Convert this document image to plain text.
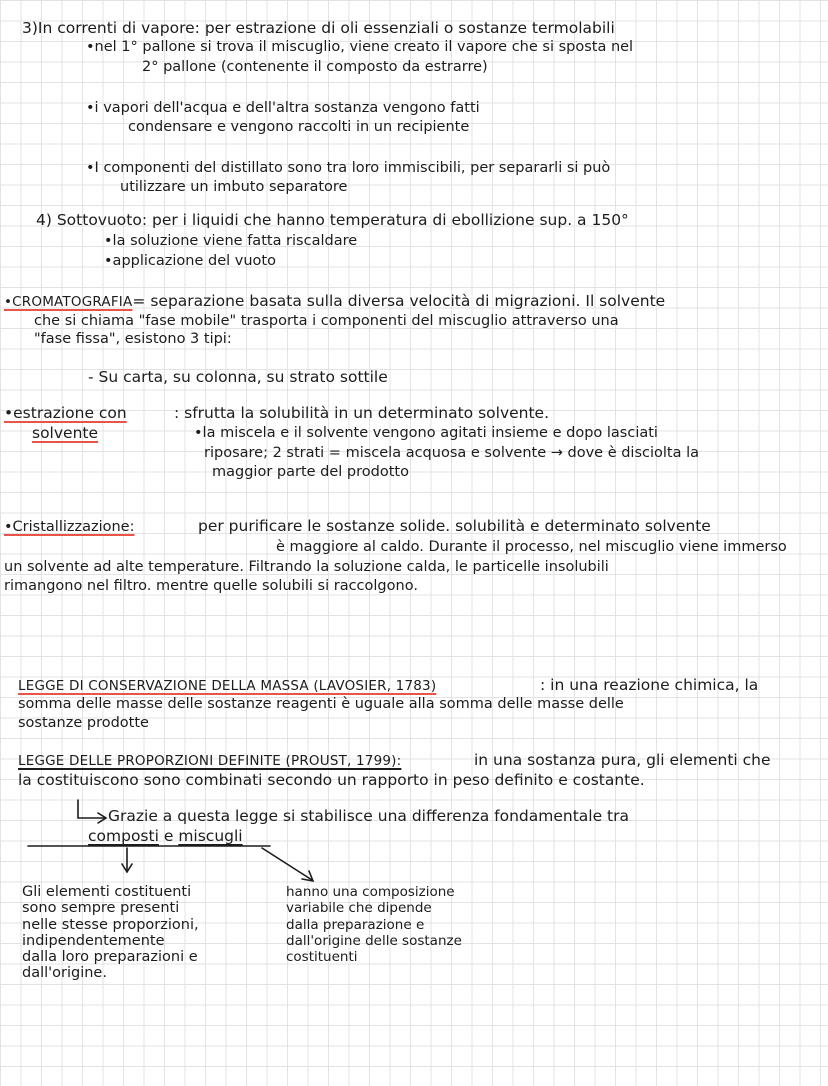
3)In correnti di vapore: per estrazione di oli essenziali o sostanze termolabili
•nel 1° pallone si trova il miscuglio, viene creato il vapore che si sposta nel
2° pallone (contenente il composto da estrarre)
•i vapori dell'acqua e dell'altra sostanza vengono fatti
condensare e vengono raccolti in un recipiente
•I componenti del distillato sono tra loro immiscibili, per separarli si può
utilizzare un imbuto separatore
4) Sottovuoto: per i liquidi che hanno temperatura di ebollizione sup. a 150°
•la soluzione viene fatta riscaldare
•applicazione del vuoto
•CROMATOGRAFIA= separazione basata sulla diversa velocità di migrazioni. Il solvente
che si chiama "fase mobile" trasporta i componenti del miscuglio attraverso una
"fase fissa", esistono 3 tipi:
- Su carta, su colonna, su strato sottile
•estrazione con
solvente
: sfrutta la solubilità in un determinato solvente.
•la miscela e il solvente vengono agitati insieme e dopo lasciati
riposare; 2 strati = miscela acquosa e solvente → dove è disciolta la
maggior parte del prodotto
•Cristallizzazione:	per purificare le sostanze solide. solubilità e determinato solvente
è maggiore al caldo. Durante il processo, nel miscuglio viene immerso
un solvente ad alte temperature. Filtrando la soluzione calda, le particelle insolubili
rimangono nel filtro. mentre quelle solubili si raccolgono.
LEGGE DI CONSERVAZIONE DELLA MASSA (LAVOSIER, 1783)	: in una reazione chimica, la
somma delle masse delle sostanze reagenti è uguale alla somma delle masse delle
sostanze prodotte
LEGGE DELLE PROPORZIONI DEFINITE (PROUST, 1799):	in una sostanza pura, gli elementi che
la costituiscono sono combinati secondo un rapporto in peso definito e costante.
Grazie a questa legge si stabilisce una differenza fondamentale tra
composti e miscugli
Gli elementi costituenti
sono sempre presenti
nelle stesse proporzioni,
indipendentemente
dalla loro preparazioni e
dall'origine.
hanno una composizione
variabile che dipende
dalla preparazione e
dall'origine delle sostanze
costituenti
